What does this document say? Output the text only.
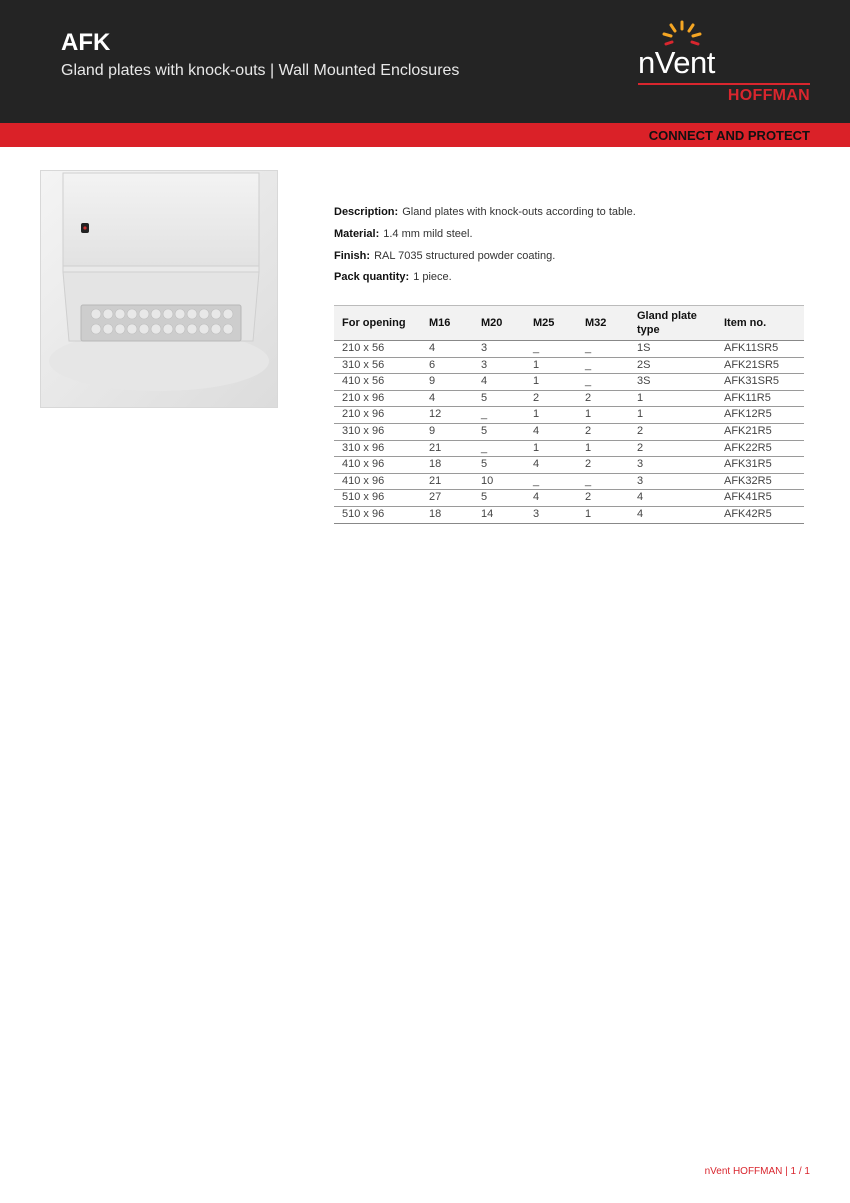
AFK
Gland plates with knock-outs | Wall Mounted Enclosures	nVent
HOFFMAN
CONNECT AND PROTECT
Description: Gland plates with knock-outs according to table.
Material: 1.4 mm mild steel.
Finish: RAL 7035 structured powder coating.
Pack quantity: 1 piece.
For opening	M16	M20	M25	M32	Gland plate type	Item no.
210 x 56	4	3	_	_	1S	AFK11SR5
310 x 56	6	3	1	_	2S	AFK21SR5
410 x 56	9	4	1	_	3S	AFK31SR5
210 x 96	4	5	2	2	1	AFK11R5
210 x 96	12	_	1	1	1	AFK12R5
310 x 96	9	5	4	2	2	AFK21R5
310 x 96	21	_	1	1	2	AFK22R5
410 x 96	18	5	4	2	3	AFK31R5
410 x 96	21	10	_	_	3	AFK32R5
510 x 96	27	5	4	2	4	AFK41R5
510 x 96	18	14	3	1	4	AFK42R5
nVent HOFFMAN | 1 / 1
